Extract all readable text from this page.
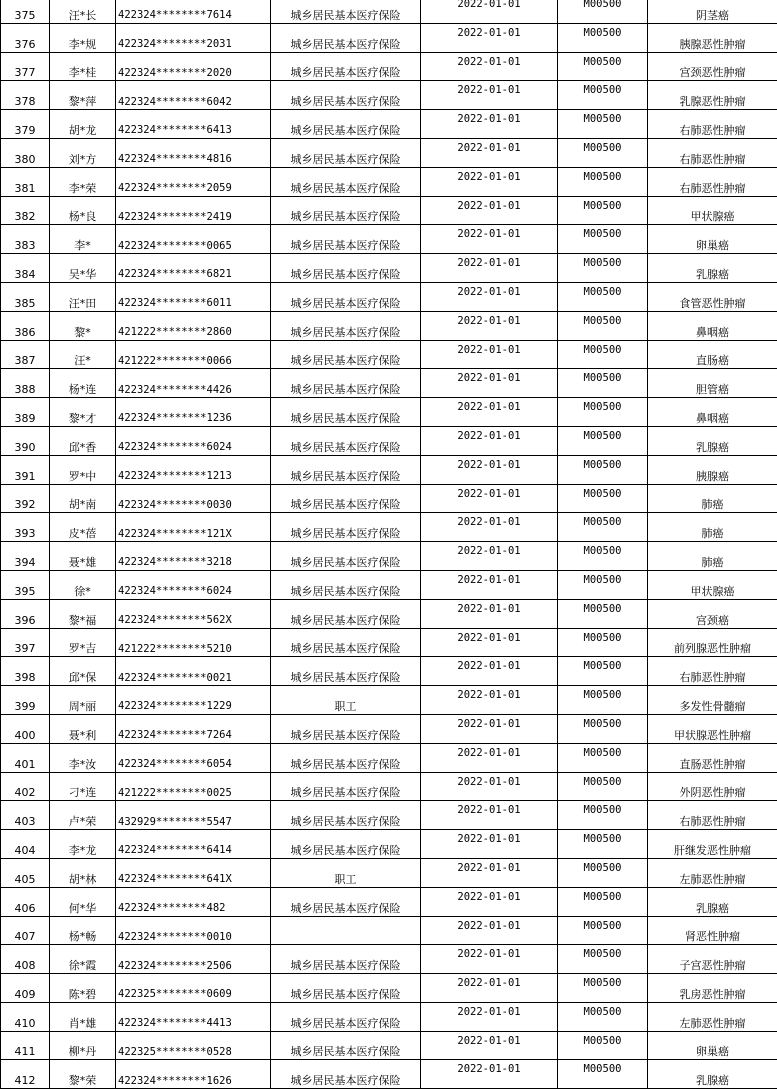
375	汪*长	422324********7614	城乡居民基本医疗保险	2022-01-01	M00500	阴茎癌
376	李*规	422324********2031	城乡居民基本医疗保险	2022-01-01	M00500	胰腺恶性肿瘤
377	李*桂	422324********2020	城乡居民基本医疗保险	2022-01-01	M00500	宫颈恶性肿瘤
378	黎*萍	422324********6042	城乡居民基本医疗保险	2022-01-01	M00500	乳腺恶性肿瘤
379	胡*龙	422324********6413	城乡居民基本医疗保险	2022-01-01	M00500	右肺恶性肿瘤
380	刘*方	422324********4816	城乡居民基本医疗保险	2022-01-01	M00500	右肺恶性肿瘤
381	李*荣	422324********2059	城乡居民基本医疗保险	2022-01-01	M00500	右肺恶性肿瘤
382	杨*良	422324********2419	城乡居民基本医疗保险	2022-01-01	M00500	甲状腺癌
383	李*	422324********0065	城乡居民基本医疗保险	2022-01-01	M00500	卵巢癌
384	吴*华	422324********6821	城乡居民基本医疗保险	2022-01-01	M00500	乳腺癌
385	汪*田	422324********6011	城乡居民基本医疗保险	2022-01-01	M00500	食管恶性肿瘤
386	黎*	421222********2860	城乡居民基本医疗保险	2022-01-01	M00500	鼻咽癌
387	汪*	421222********0066	城乡居民基本医疗保险	2022-01-01	M00500	直肠癌
388	杨*连	422324********4426	城乡居民基本医疗保险	2022-01-01	M00500	胆管癌
389	黎*才	422324********1236	城乡居民基本医疗保险	2022-01-01	M00500	鼻咽癌
390	邱*香	422324********6024	城乡居民基本医疗保险	2022-01-01	M00500	乳腺癌
391	罗*中	422324********1213	城乡居民基本医疗保险	2022-01-01	M00500	胰腺癌
392	胡*南	422324********0030	城乡居民基本医疗保险	2022-01-01	M00500	肺癌
393	皮*蓓	422324********121X	城乡居民基本医疗保险	2022-01-01	M00500	肺癌
394	聂*雄	422324********3218	城乡居民基本医疗保险	2022-01-01	M00500	肺癌
395	徐*	422324********6024	城乡居民基本医疗保险	2022-01-01	M00500	甲状腺癌
396	黎*福	422324********562X	城乡居民基本医疗保险	2022-01-01	M00500	宫颈癌
397	罗*吉	421222********5210	城乡居民基本医疗保险	2022-01-01	M00500	前列腺恶性肿瘤
398	邱*保	422324********0021	城乡居民基本医疗保险	2022-01-01	M00500	右肺恶性肿瘤
399	周*丽	422324********1229	职工	2022-01-01	M00500	多发性骨髓瘤
400	聂*利	422324********7264	城乡居民基本医疗保险	2022-01-01	M00500	甲状腺恶性肿瘤
401	李*汝	422324********6054	城乡居民基本医疗保险	2022-01-01	M00500	直肠恶性肿瘤
402	刁*连	421222********0025	城乡居民基本医疗保险	2022-01-01	M00500	外阴恶性肿瘤
403	卢*荣	432929********5547	城乡居民基本医疗保险	2022-01-01	M00500	右肺恶性肿瘤
404	李*龙	422324********6414	城乡居民基本医疗保险	2022-01-01	M00500	肝继发恶性肿瘤
405	胡*林	422324********641X	职工	2022-01-01	M00500	左肺恶性肿瘤
406	何*华	422324********482	城乡居民基本医疗保险	2022-01-01	M00500	乳腺癌
407	杨*畅	422324********0010		2022-01-01	M00500	肾恶性肿瘤
408	徐*霞	422324********2506	城乡居民基本医疗保险	2022-01-01	M00500	子宫恶性肿瘤
409	陈*碧	422325********0609	城乡居民基本医疗保险	2022-01-01	M00500	乳房恶性肿瘤
410	肖*雄	422324********4413	城乡居民基本医疗保险	2022-01-01	M00500	左肺恶性肿瘤
411	柳*丹	422325********0528	城乡居民基本医疗保险	2022-01-01	M00500	卵巢癌
412	黎*荣	422324********1626	城乡居民基本医疗保险	2022-01-01	M00500	乳腺癌
